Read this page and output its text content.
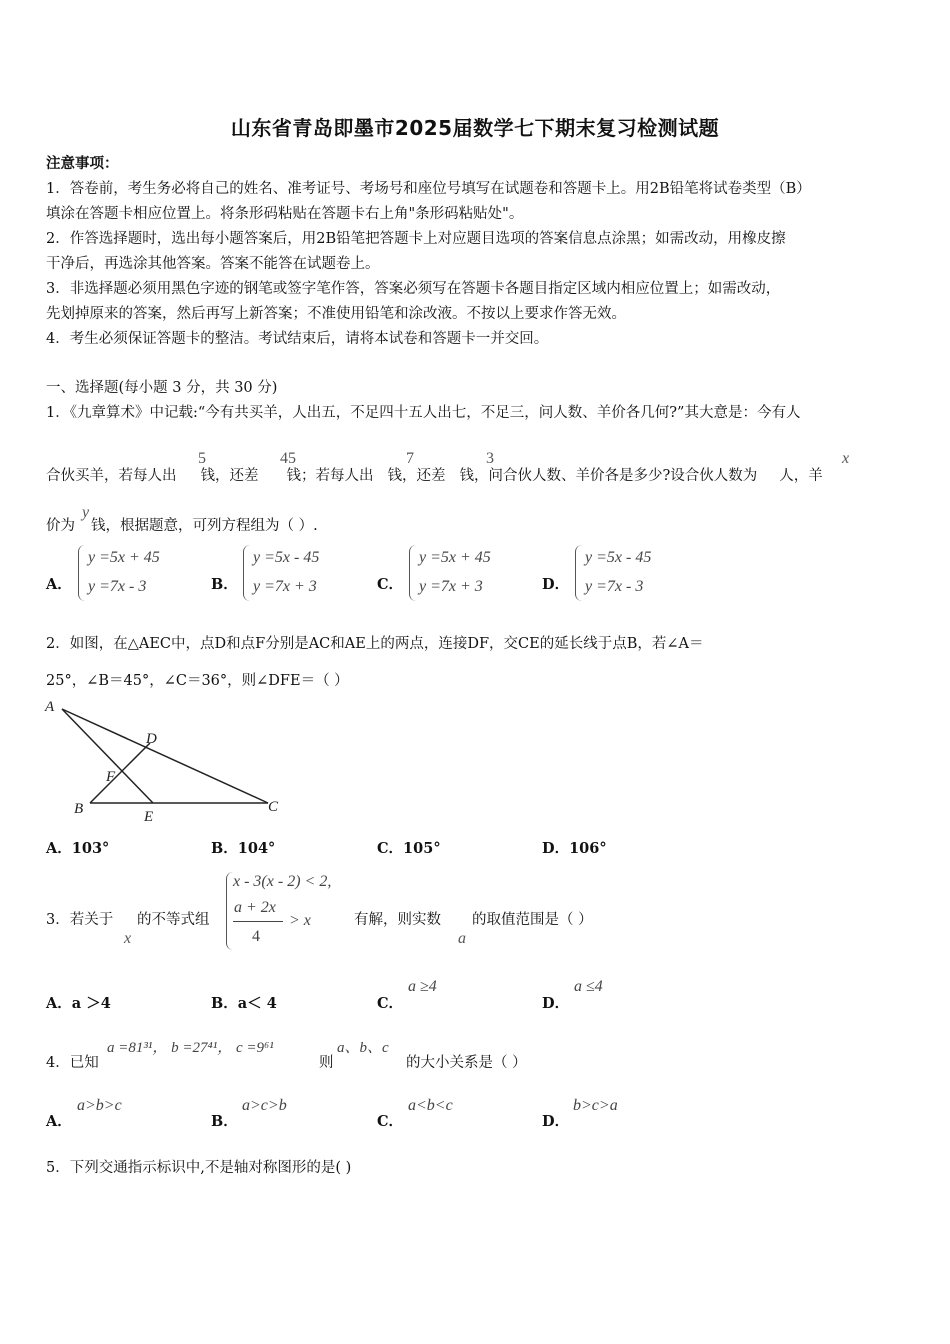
山东省青岛即墨市2025届数学七下期末复习检测试题
注意事项：
1．答卷前，考生务必将自己的姓名、准考证号、考场号和座位号填写在试题卷和答题卡上。用2B铅笔将试卷类型（B）
填涂在答题卡相应位置上。将条形码粘贴在答题卡右上角"条形码粘贴处"。
2．作答选择题时，选出每小题答案后，用2B铅笔把答题卡上对应题目选项的答案信息点涂黑；如需改动，用橡皮擦
干净后，再选涂其他答案。答案不能答在试题卷上。
3．非选择题必须用黑色字迹的钢笔或签字笔作答，答案必须写在答题卡各题目指定区域内相应位置上；如需改动，
先划掉原来的答案，然后再写上新答案；不准使用铅笔和涂改液。不按以上要求作答无效。
4．考生必须保证答题卡的整洁。考试结束后，请将本试卷和答题卡一并交回。
一、选择题(每小题 3 分，共 30 分)
1．《九章算术》中记载:“今有共买羊，人出五，不足四十五人出七，不足三，问人数、羊价各几何?”其大意是：今有人
合伙买羊，若每人出 钱，还差 钱；若每人出 钱，还差 钱，问合伙人数、羊价各是多少?设合伙人数为 人，羊
5	45	7	3	x
价为 钱，根据题意，可列方程组为（ ）.
y
A．
y =5x + 45
y =7x - 3	B．
y =5x - 45
y =7x + 3	C．
y =5x + 45
y =7x + 3	D．
y =5x - 45
y =7x - 3
2．如图，在△AEC中，点D和点F分别是AC和AE上的两点，连接DF，交CE的延长线于点B，若∠A＝
25°，∠B＝45°，∠C＝36°，则∠DFE＝（ ）
A
D
F
B	E
C
A．103°	B．104°	C．105°	D．106°
3．若关于
x
的不等式组
x - 3(x - 2) < 2,
a + 2x
4
> x	有解，则实数
a
的取值范围是（ ）
A．a ＞4	B．a＜ 4	C．
a ≥4
D．
a ≤4
4．已知
a =81³¹， b =27⁴¹， c =9⁶¹
则
a、b、c
的大小关系是（ ）
A．
a>b>c
B．
a>c>b
C．
a<b<c
D．
b>c>a
5．下列交通指示标识中,不是轴对称图形的是( )
